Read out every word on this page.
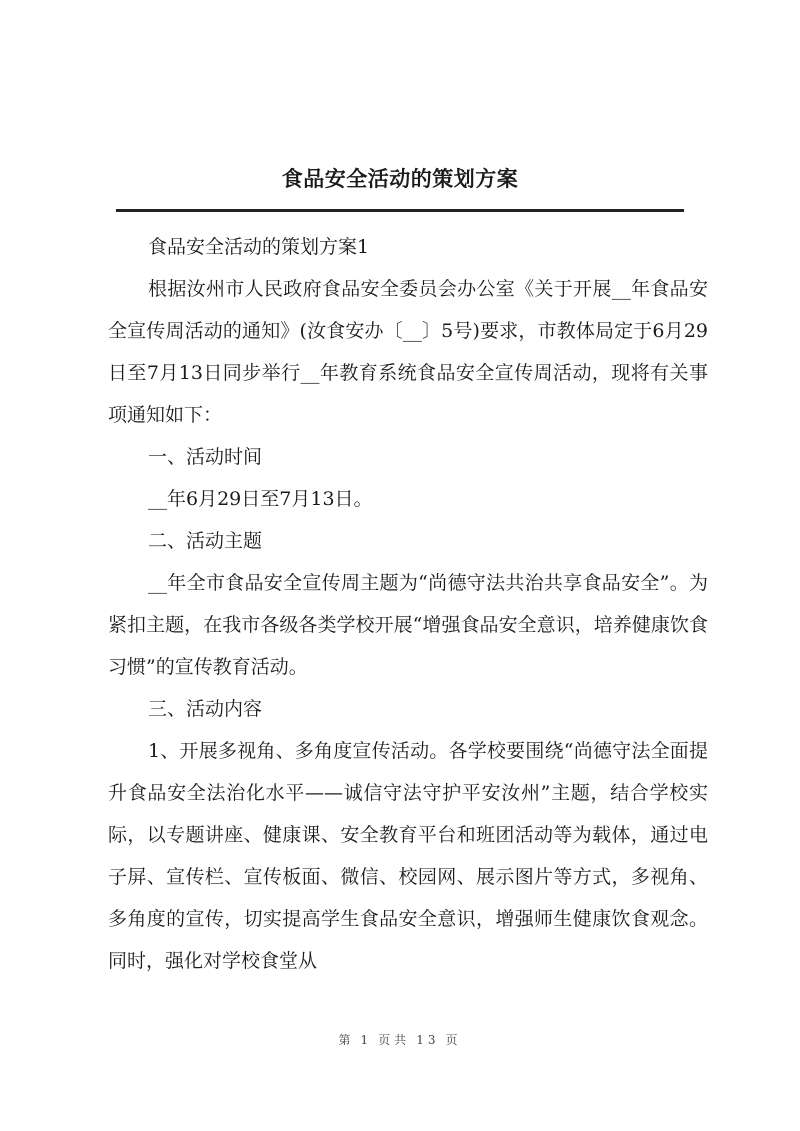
食品安全活动的策划方案

食品安全活动的策划方案1

根据汝州市人民政府食品安全委员会办公室《关于开展__年食品安全宣传周活动的通知》(汝食安办〔__〕5号)要求，市教体局定于6月29日至7月13日同步举行__年教育系统食品安全宣传周活动，现将有关事项通知如下：

一、活动时间

__年6月29日至7月13日。

二、活动主题

__年全市食品安全宣传周主题为“尚德守法共治共享食品安全”。为紧扣主题，在我市各级各类学校开展“增强食品安全意识，培养健康饮食习惯”的宣传教育活动。

三、活动内容

1、开展多视角、多角度宣传活动。各学校要围绕“尚德守法全面提升食品安全法治化水平——诚信守法守护平安汝州”主题，结合学校实际，以专题讲座、健康课、安全教育平台和班团活动等为载体，通过电子屏、宣传栏、宣传板面、微信、校园网、展示图片等方式，多视角、多角度的宣传，切实提高学生食品安全意识，增强师生健康饮食观念。同时，强化对学校食堂从

第 1 页共 13 页
